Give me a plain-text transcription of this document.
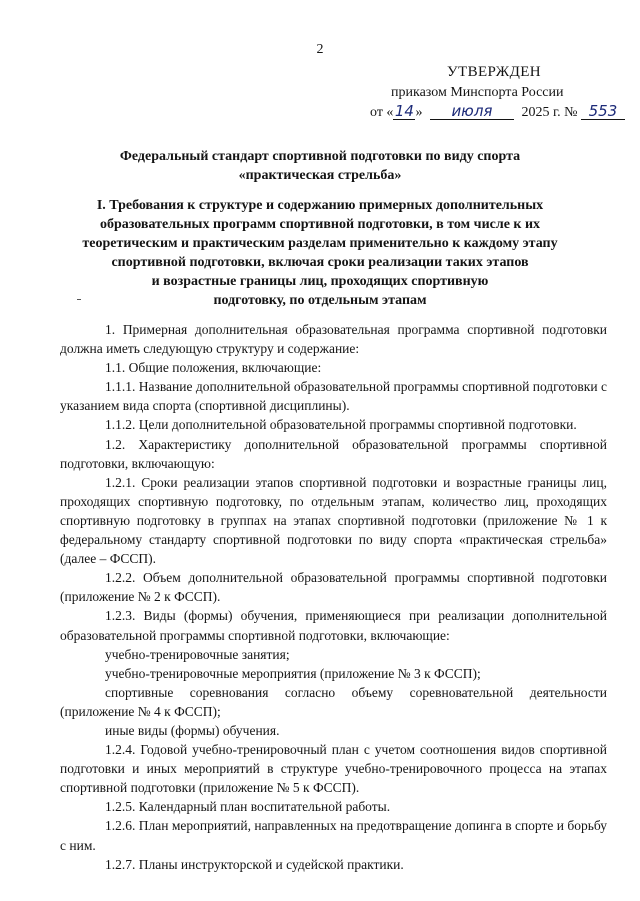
2
УТВЕРЖДЕН
приказом Минспорта России
от «14» июля 2025 г. № 553
Федеральный стандарт спортивной подготовки по виду спорта
«практическая стрельба»
I. Требования к структуре и содержанию примерных дополнительных
образовательных программ спортивной подготовки, в том числе к их
теоретическим и практическим разделам применительно к каждому этапу
спортивной подготовки, включая сроки реализации таких этапов
и возрастные границы лиц, проходящих спортивную
подготовку, по отдельным этапам

1. Примерная дополнительная образовательная программа спортивной подготовки должна иметь следующую структуру и содержание:

1.1. Общие положения, включающие:

1.1.1. Название дополнительной образовательной программы спортивной подготовки с указанием вида спорта (спортивной дисциплины).

1.1.2. Цели дополнительной образовательной программы спортивной подготовки.

1.2. Характеристику дополнительной образовательной программы спортивной подготовки, включающую:

1.2.1. Сроки реализации этапов спортивной подготовки и возрастные границы лиц, проходящих спортивную подготовку, по отдельным этапам, количество лиц, проходящих спортивную подготовку в группах на этапах спортивной подготовки (приложение № 1 к федеральному стандарту спортивной подготовки по виду спорта «практическая стрельба» (далее – ФССП).

1.2.2. Объем дополнительной образовательной программы спортивной подготовки (приложение № 2 к ФССП).

1.2.3. Виды (формы) обучения, применяющиеся при реализации дополнительной образовательной программы спортивной подготовки, включающие:

учебно-тренировочные занятия;

учебно-тренировочные мероприятия (приложение № 3 к ФССП);

спортивные соревнования согласно объему соревновательной деятельности (приложение № 4 к ФССП);

иные виды (формы) обучения.

1.2.4. Годовой учебно-тренировочный план с учетом соотношения видов спортивной подготовки и иных мероприятий в структуре учебно-тренировочного процесса на этапах спортивной подготовки (приложение № 5 к ФССП).

1.2.5. Календарный план воспитательной работы.

1.2.6. План мероприятий, направленных на предотвращение допинга в спорте и борьбу с ним.

1.2.7. Планы инструкторской и судейской практики.
